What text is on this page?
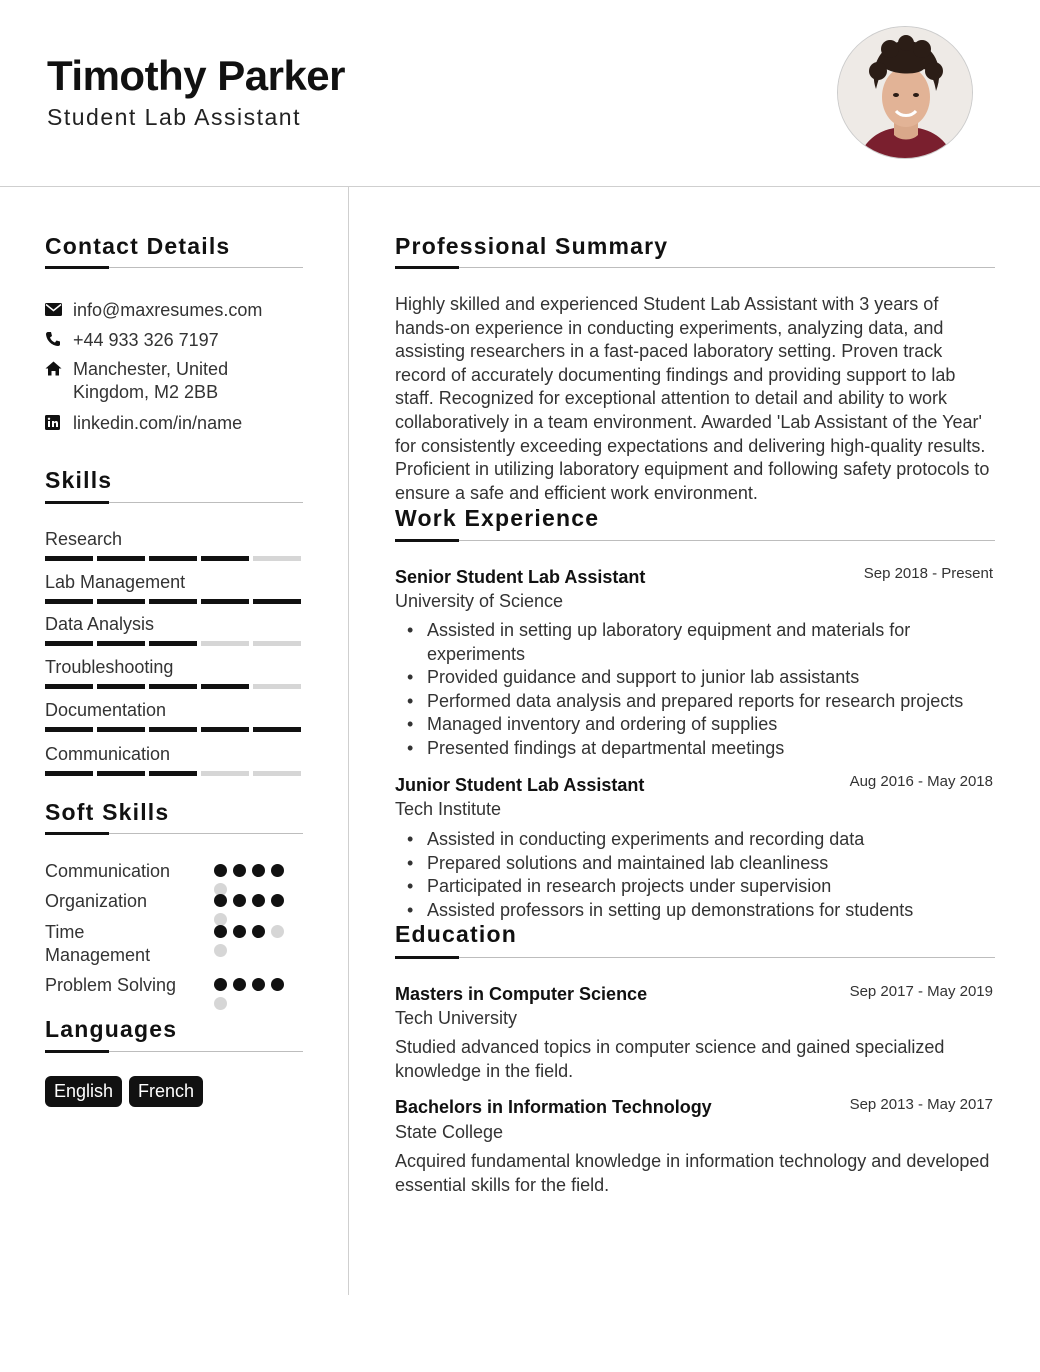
Timothy Parker
Student Lab Assistant
Contact Details
info@maxresumes.com
+44 933 326 7197
Manchester, United Kingdom, M2 2BB
linkedin.com/in/name
Skills
Research
Lab Management
Data Analysis
Troubleshooting
Documentation
Communication
Soft Skills
Communication
Organization
Time Management
Problem Solving
Languages
English	French
Professional Summary
Highly skilled and experienced Student Lab Assistant with 3 years of hands-on experience in conducting experiments, analyzing data, and assisting researchers in a fast-paced laboratory setting. Proven track record of accurately documenting findings and providing support to lab staff. Recognized for exceptional attention to detail and ability to work collaboratively in a team environment. Awarded 'Lab Assistant of the Year' for consistently exceeding expectations and delivering high-quality results. Proficient in utilizing laboratory equipment and following safety protocols to ensure a safe and efficient work environment.
Work Experience
Senior Student Lab Assistant	Sep 2018 - Present
University of Science
• Assisted in setting up laboratory equipment and materials for experiments
• Provided guidance and support to junior lab assistants
• Performed data analysis and prepared reports for research projects
• Managed inventory and ordering of supplies
• Presented findings at departmental meetings
Junior Student Lab Assistant	Aug 2016 - May 2018
Tech Institute
• Assisted in conducting experiments and recording data
• Prepared solutions and maintained lab cleanliness
• Participated in research projects under supervision
• Assisted professors in setting up demonstrations for students
Education
Masters in Computer Science	Sep 2017 - May 2019
Tech University
Studied advanced topics in computer science and gained specialized knowledge in the field.
Bachelors in Information Technology	Sep 2013 - May 2017
State College
Acquired fundamental knowledge in information technology and developed essential skills for the field.
